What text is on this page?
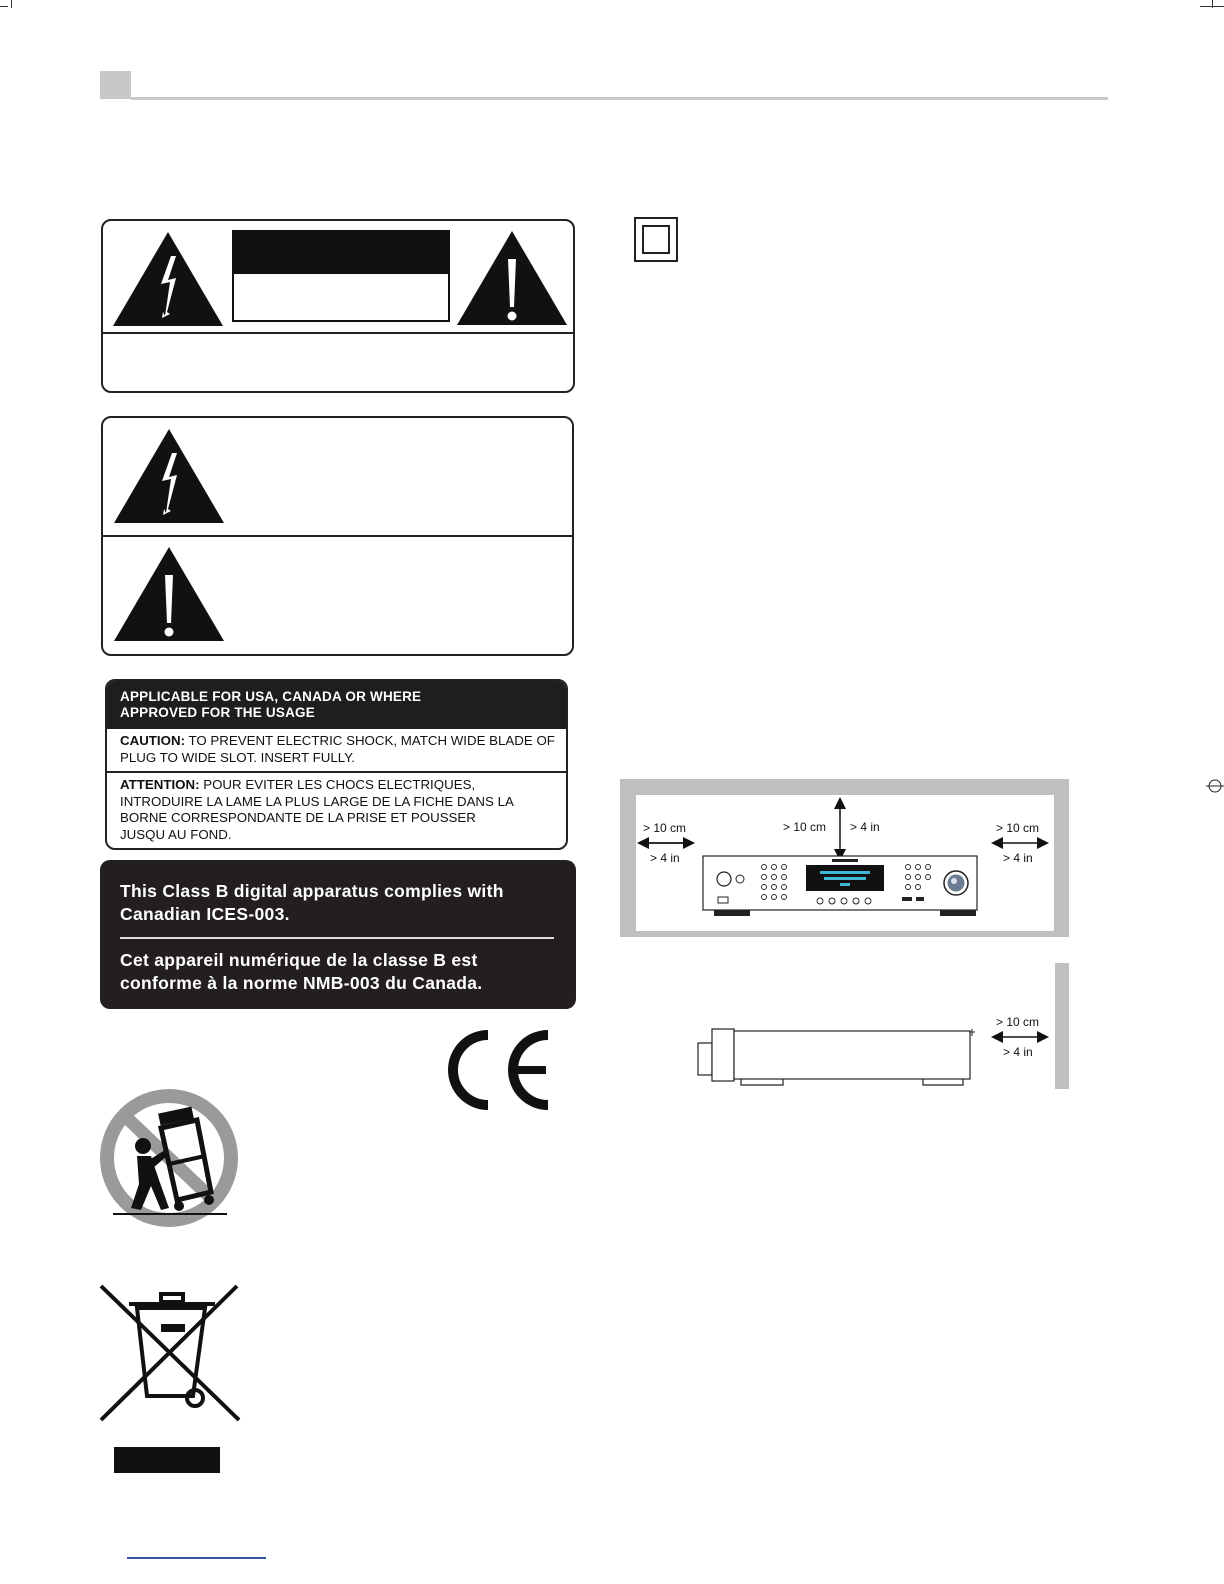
APPLICABLE FOR USA, CANADA OR WHERE
APPROVED FOR THE USAGE
CAUTION: TO PREVENT ELECTRIC SHOCK, MATCH WIDE BLADE OF PLUG TO WIDE SLOT. INSERT FULLY.
ATTENTION: POUR EVITER LES CHOCS ELECTRIQUES, INTRODUIRE LA LAME LA PLUS LARGE DE LA FICHE DANS LA BORNE CORRESPONDANTE DE LA PRISE ET POUSSER JUSQU AU FOND.
This Class B digital apparatus complies with
Canadian ICES-003.
Cet appareil numérique de la classe B est
conforme à la norme NMB-003 du Canada.
> 10 cm
> 4 in
> 10 cm > 4 in	> 10 cm
> 4 in
> 10 cm
> 4 in
